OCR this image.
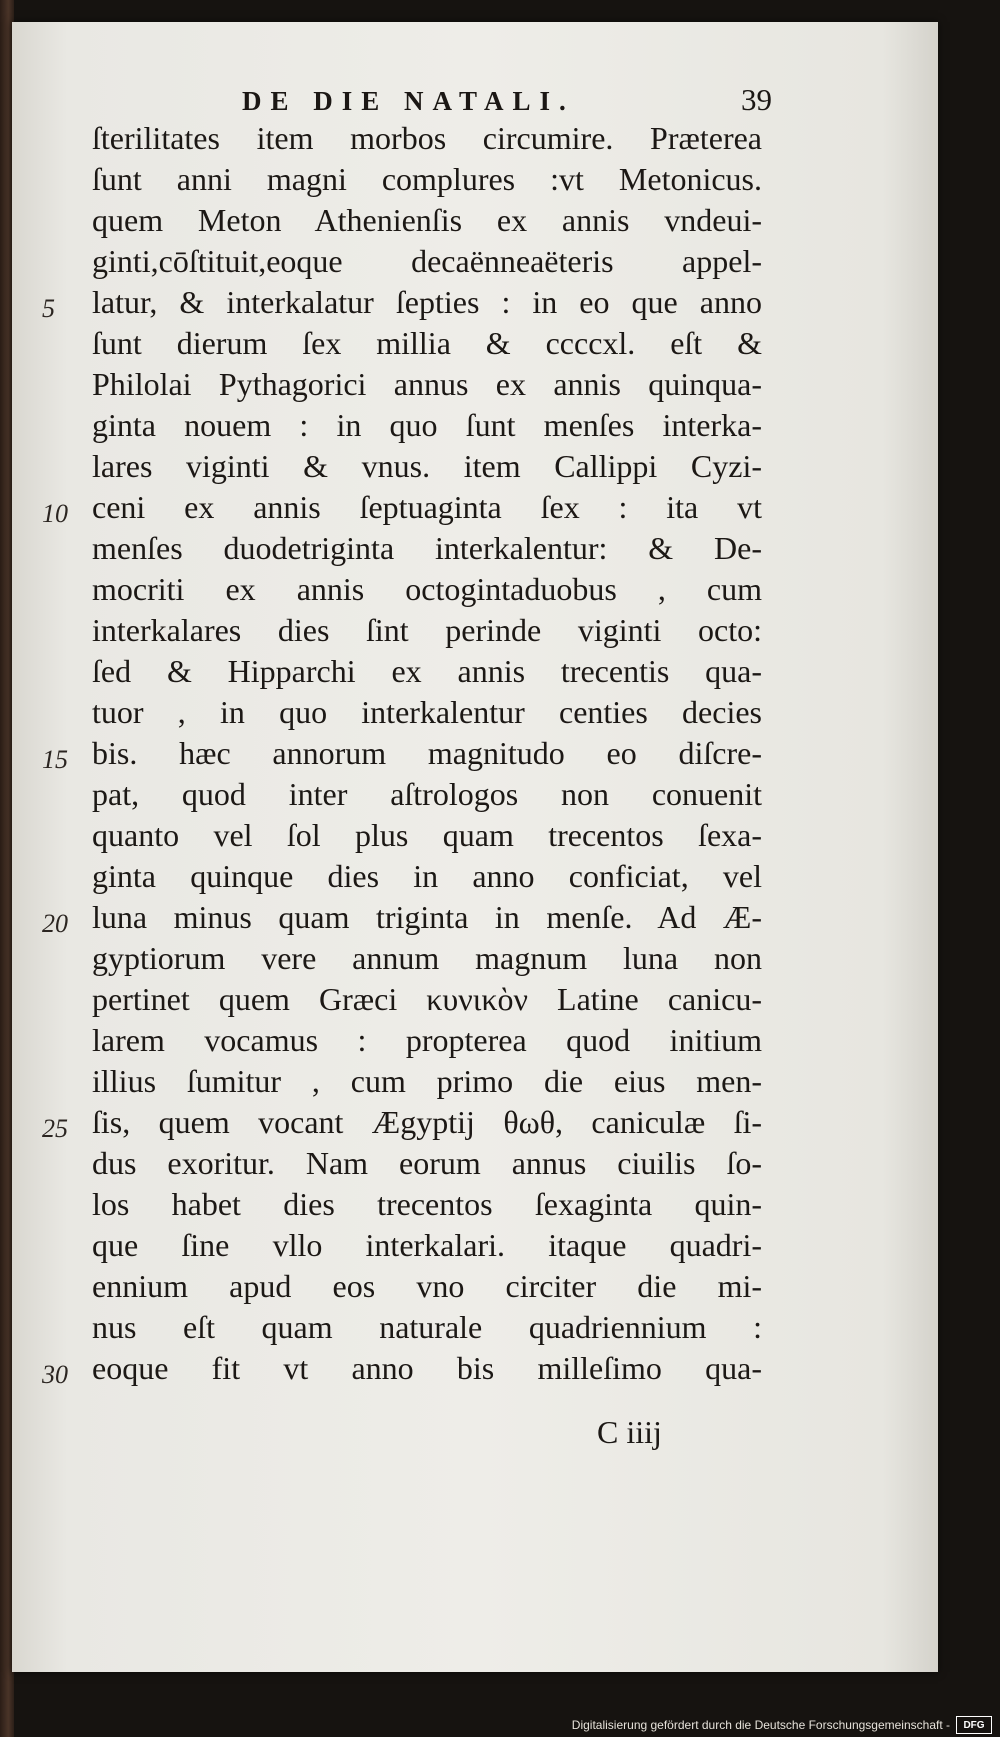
DE DIE NATALI.	39
ſterilitates item morbos circumire. Præterea
ſunt anni magni complures :vt Metonicus.
quem Meton Athenienſis ex annis vndeui-
ginti,cōſtituit,eoque decaënneaëteris appel-
latur, & interkalatur ſepties : in eo que anno
ſunt dierum ſex millia & ccccxl. eſt &
Philolai Pythagorici annus ex annis quinqua-
ginta nouem : in quo ſunt menſes interka-
lares viginti & vnus. item Callippi Cyzi-
ceni ex annis ſeptuaginta ſex : ita vt
menſes duodetriginta interkalentur: & De-
mocriti ex annis octogintaduobus , cum
interkalares dies ſint perinde viginti octo:
ſed & Hipparchi ex annis trecentis qua-
tuor , in quo interkalentur centies decies
bis. hæc annorum magnitudo eo diſcre-
pat, quod inter aſtrologos non conuenit
quanto vel ſol plus quam trecentos ſexa-
ginta quinque dies in anno conficiat, vel
luna minus quam triginta in menſe. Ad Æ-
gyptiorum vere annum magnum luna non
pertinet quem Græci κυνικὸν Latine canicu-
larem vocamus : propterea quod initium
illius ſumitur , cum primo die eius men-
ſis, quem vocant Ægyptij θωθ, caniculæ ſi-
dus exoritur. Nam eorum annus ciuilis ſo-
los habet dies trecentos ſexaginta quin-
que ſine vllo interkalari. itaque quadri-
ennium apud eos vno circiter die mi-
nus eſt quam naturale quadriennium :
eoque fit vt anno bis milleſimo qua-
5
10
15
20
25
30
C iiij
Digitalisierung gefördert durch die Deutsche Forschungsgemeinschaft -	DFG
